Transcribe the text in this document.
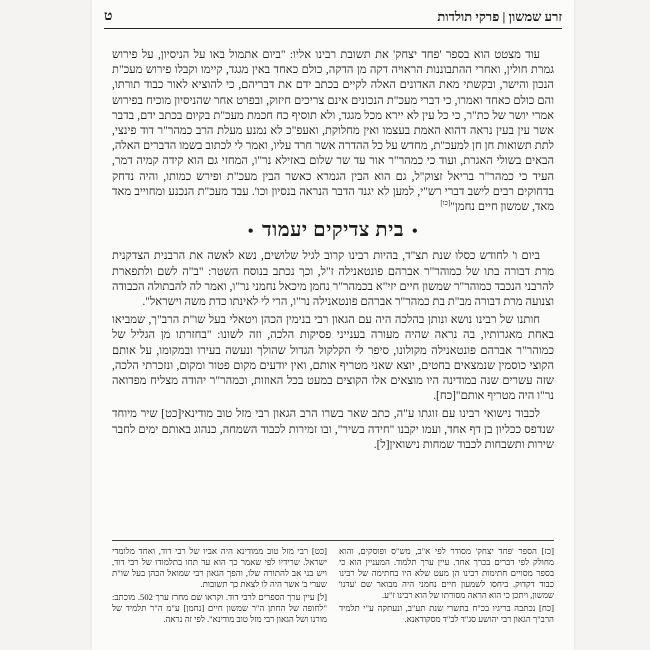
זרע שמשון | פרקי תולדות
ט

עוד מצטט הוא בספר 'פחד יצחק' את תשובת רבינו אליו: "ביום אתמול באו על הניסיון, על פירוש גמרת חולין, ואחרי ההתבוננות הראויה דקה מן הדקה, כולם כאחד באין מגגד, קיימו וקבלו פירוש מעכ"ת הנכון והישר, ובקשתי מאת האדונים האלה לקיים בכתב ידם את דבריהם, כי להוציא לאור כבוד תורתו, והם כולם כאחד ואמרו, כי דברי מעכ"ת הנכונים אינם צריכים חיזוק, ובפרט אחר שהניסיון מוכיח בפירוש אמרי יושר של כת"ר, כי כל עין לא יירא מכל מגגד, ולא תוסיף כח חכמת מעכ"ת בקיום בכתב ידם, בדבר אשר עין בעין נראה דהוא האמת בעצמו ואין מחלוקת, ואעפ"כ לא נמנע מעלת הרב כמהר"ר דוד פינצי, לתת תשואות חן חן למעכ"ת, מחדש על כל ההדרה אשר חרד עליו, ואמר לי לכתוב בשמו הדברים האלה, הבאים בשולי האגרת, ועוד כי כמהר"ר אור עד שר שלום באזילא נר"ו, המחזי גם הוא קידה קמיה דמר, העיד כי כמהר"ר בריאל זצוק"ל, גם הוא הבין הגמרא כאשר הבין מעכ"ת ופירש כמותו, והיה נדחק בדחוקים רבים לישב דברי רש"י, למען לא יגנד הדבר הנראה בנסיון וכו'. עבד מעכ"ת הנכנע ומחוייב מאד מאד, שמשון חיים נחמן"[כו]

•בית צדיקים יעמוד•

ביום ו' לחודש כסלו שנת תצ"ד, בהיות רבינו קרוב לגיל שלושים, נשא לאשה את הרבנית הצדקנית מרת דבורה בתו של כמוהר"ר אברהם פונטאנילה ז"ל, וכך נכתב בנוסח השטר: "ב"ה לשם ולתפארת להרבני הנכבד כמוהר"ר שמשון חיים יזי"א בכמהר"ר נחמן מיכאל נחמני נר"ו, ואמר לה להבתולה הכבודה וצנועה מרת דבורה מב"ת בת כמהר"ר אברהם פונטאנילה נר"ו, הרי לי לאינתו כדת משה וישראל".

חותנו של רבינו נושא ונותן בהלכה היה עם הגאון רבי בנימין הכהן ויטאלי בעל שו"ת הרב"ך, שמביאו באחת מאגרותיו, בה נראה שהיה מעורה בענייני פסיקות הלכה, וזה לשונו: "בחזרתו מן הגליל של כמוהר"ר אברהם פונטאנילה מקולונו, סיפר לי הקלקול הגדול שהולך ונעשה בעירו ובמקומו, על אותם הקוצי כוסמין שנמצאים בחטים, יוצא שאני מטריף אותם, ואין יודעים מקום פטור ומקום, ונזכרתי הלכה, שזה עשרים שנה במודינה היו מוצאים אלו הקוצים במעט בכל האוזות, וכמהר"ר יהודה מצליח מפדואה נר"ו היה מטריף אותם"[כח].

לכבוד נישואי רבינו עם זוגתו ע"ה, כתב שאר בשרו הרב הגאון רבי מזל טוב מודינאי[כט] שיר מיוחד שנדפס ככליון בן דף אחד, ועמו יקבנו "חידה בשיר", ובו זמירות לכבוד השמחה, כנהוג באותם ימים לחבר שירות ותשבחות לכבוד שמחות נישואין[ל].

[כז] הספר 'פחד יצחק' מסודר לפי א"ב, מש"ס ופוסקים, והוא מחולק לפי דברים בכרך אחד. עיין ערך תלמוד. המעניין הוא כי בספר מסויים חתימות רבינו הן מעט שלא היו בחתימה של רבינו כבוד דקדוק. ביחסו לשמעון חיים נחמני היה מבואר שם 'עדנו' שמשון, ויתכן כי הוא הראה מסורתו של הוא רבינו ז"ע.

[כח] נכתבה בריגיו בכ"ח בתשרי שנת תע"ב, ונעתקה ע"י תלמיד הרב"ך הגאון רבי יהושע סג"ד לב"ד מסקודאנא.

[כט] רבי מזל טוב ממודינא היה אביו של רבי דוד, ואחד מלומדי ישראל. שרידיו לפי שאמר כך הוא עד תחו בתלמודו של רבי דוד, ויש בני אב להתורה שלו, והפך הגאון רבי שמואל הכהן בעל שו"ת שערי ב' אשר היה לו לצאת כך תשובות.

[ל] עיין ערך הספרים לרבי דוד. וקראו שם מחרז ערך 502. מוכתב: "לחופה של החתן ה"ר שמשון חיים [נחמן] ע"מ ה"ר תלמיד של מורנו ושל הגאון רבי מזל טוב מודינא". לפי זה נראה.
